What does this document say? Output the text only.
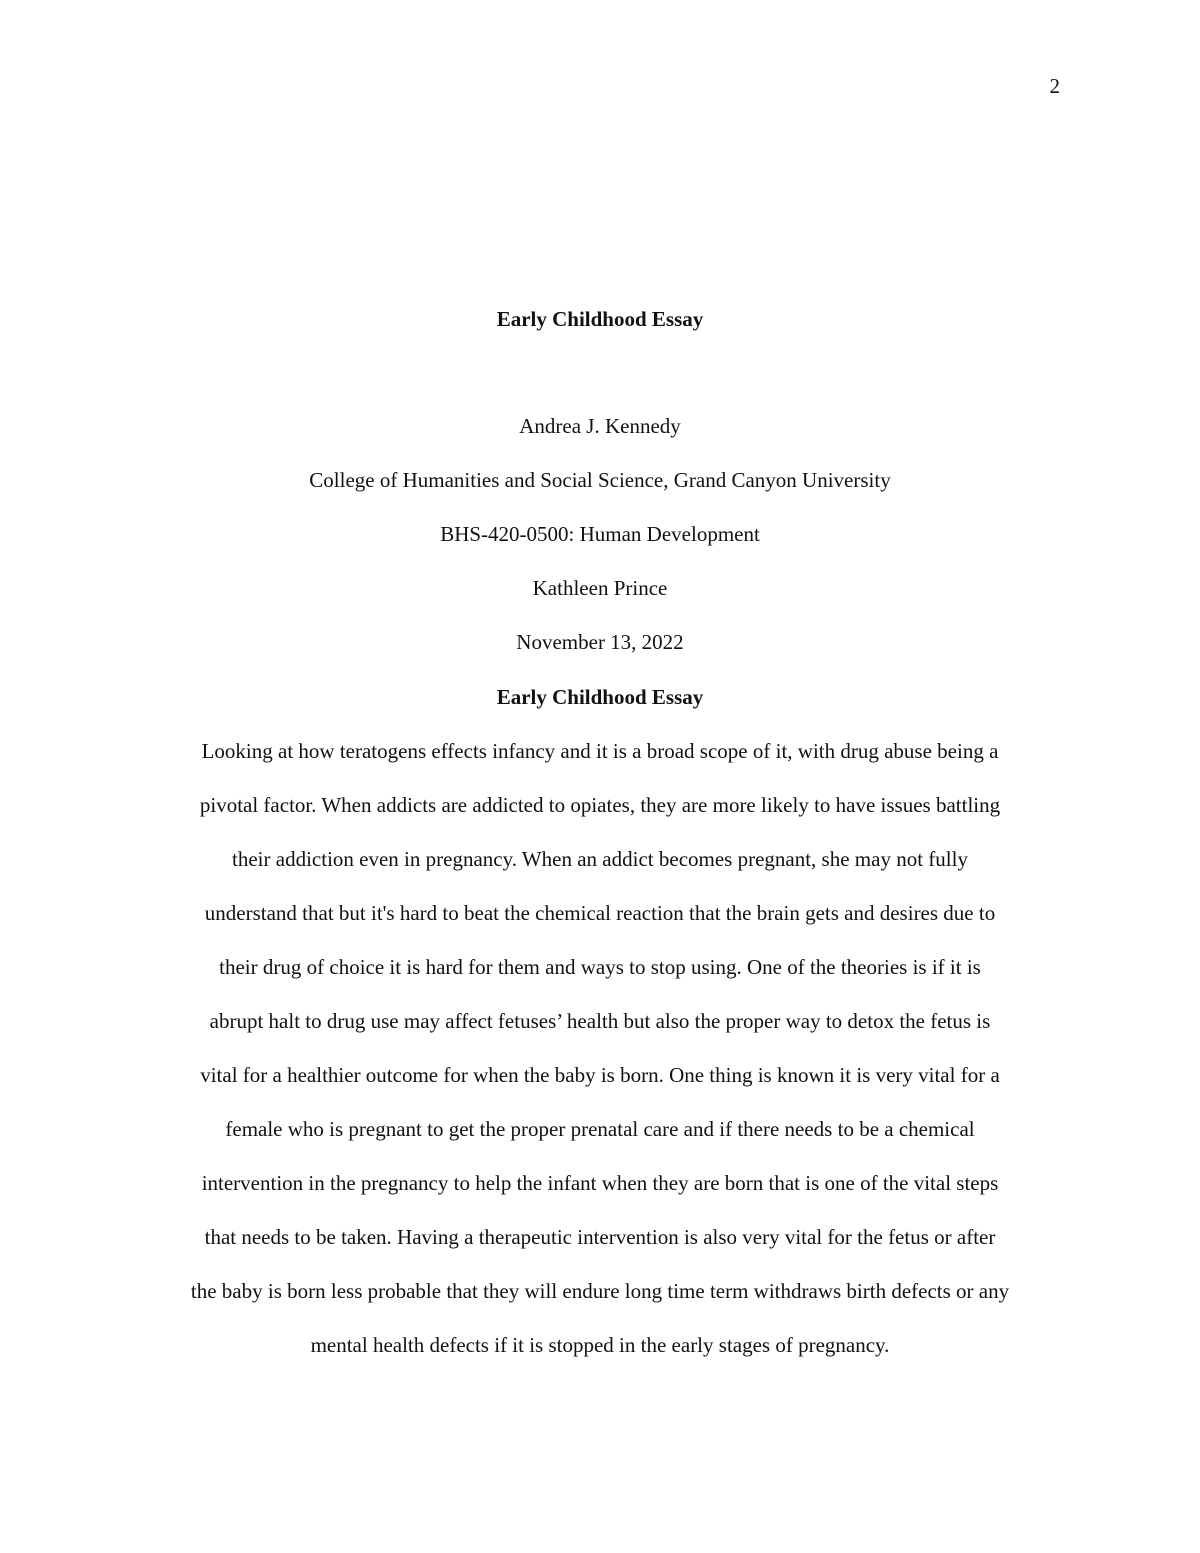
2

Early Childhood Essay

Andrea J. Kennedy

College of Humanities and Social Science, Grand Canyon University

BHS-420-0500: Human Development

Kathleen Prince

November 13, 2022

Early Childhood Essay

Looking at how teratogens effects infancy and it is a broad scope of it, with drug abuse being a

pivotal factor. When addicts are addicted to opiates, they are more likely to have issues battling

their addiction even in pregnancy. When an addict becomes pregnant, she may not fully

understand that but it's hard to beat the chemical reaction that the brain gets and desires due to

their drug of choice it is hard for them and ways to stop using. One of the theories is if it is

abrupt halt to drug use may affect fetuses’ health but also the proper way to detox the fetus is

vital for a healthier outcome for when the baby is born. One thing is known it is very vital for a

female who is pregnant to get the proper prenatal care and if there needs to be a chemical

intervention in the pregnancy to help the infant when they are born that is one of the vital steps

that needs to be taken. Having a therapeutic intervention is also very vital for the fetus or after

the baby is born less probable that they will endure long time term withdraws birth defects or any

mental health defects if it is stopped in the early stages of pregnancy.
